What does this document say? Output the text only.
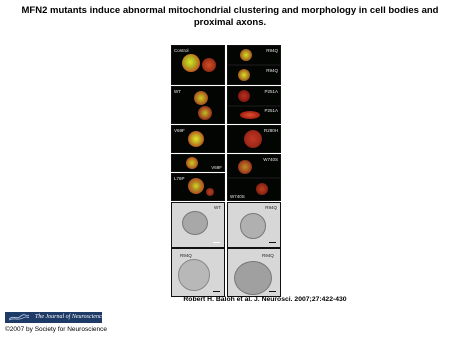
MFN2 mutants induce abnormal mitochondrial clustering and morphology in cell bodies and proximal axons.
Control
WT
V69F
V69F
L76P
R94Q
R94Q
P251A
P251A
R280H
W740S
W740S
WT	R94Q
R94Q	R94Q
Robert H. Baloh et al. J. Neurosci. 2007;27:422-430
The Journal of Neuroscience
©2007 by Society for Neuroscience
